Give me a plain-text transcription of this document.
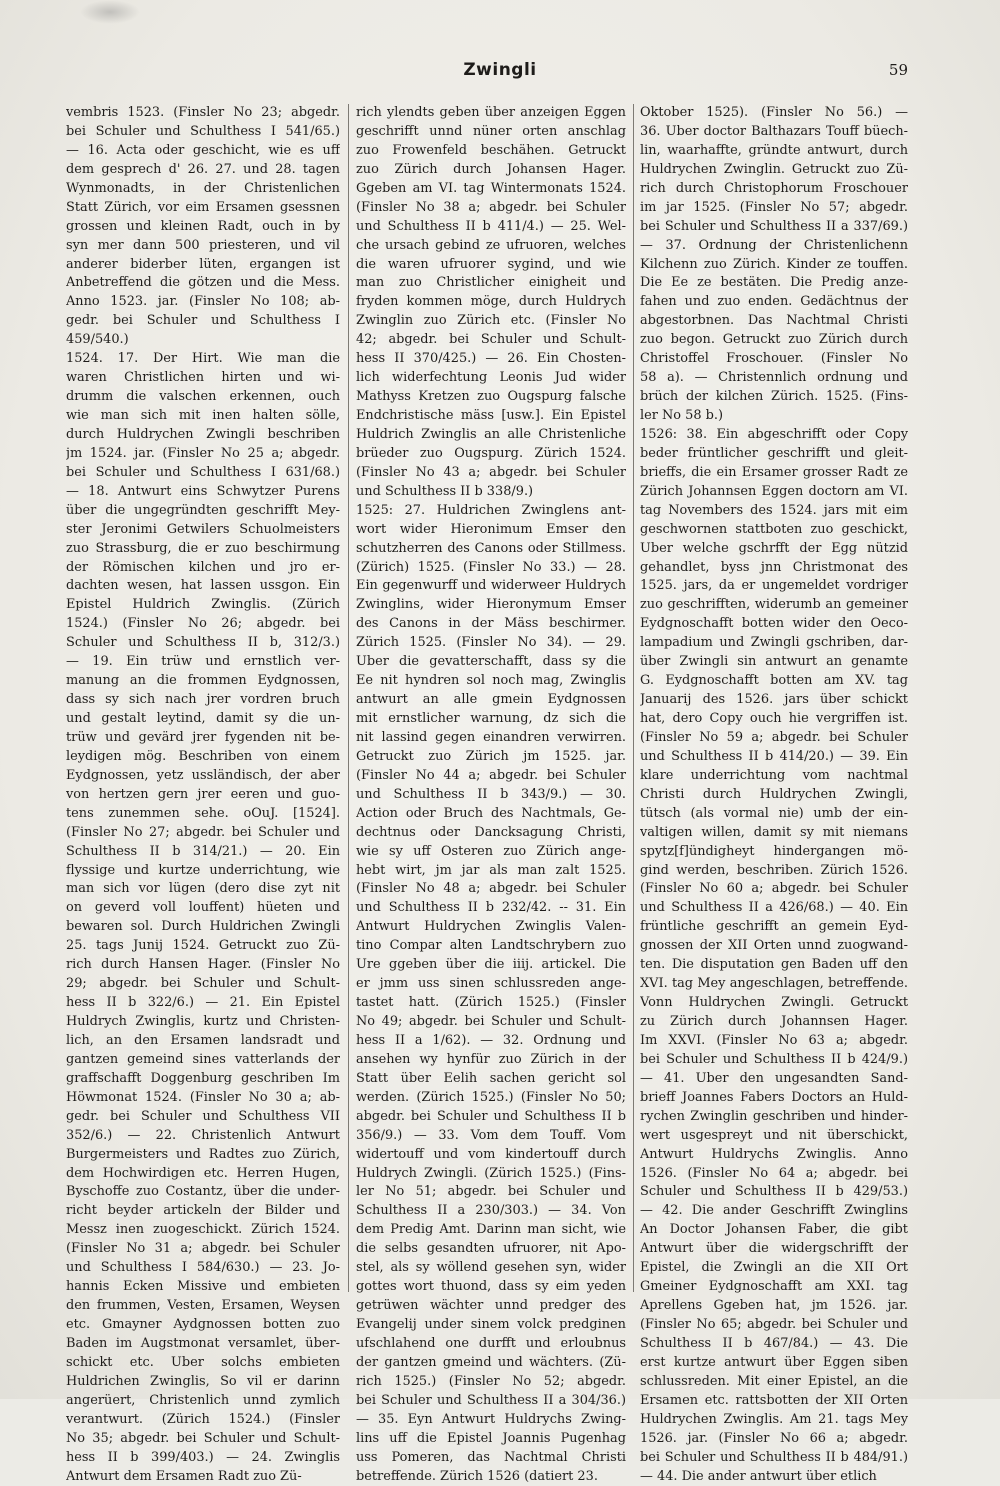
Zwingli	59
vembris 1523. (Finsler No 23; abgedr.
bei Schuler und Schulthess I 541/65.)
— 16. Acta oder geschicht, wie es uff
dem gesprech d' 26. 27. und 28. tagen
Wynmonadts, in der Christenlichen
Statt Zürich, vor eim Ersamen gsessnen
grossen und kleinen Radt, ouch in by
syn mer dann 500 priesteren, und vil
anderer biderber lüten, ergangen ist
Anbetreffend die götzen und die Mess.
Anno 1523. jar. (Finsler No 108; ab-
gedr. bei Schuler und Schulthess I
459/540.)
1524. 17. Der Hirt. Wie man die
waren Christlichen hirten und wi-
drumm die valschen erkennen, ouch
wie man sich mit inen halten sölle,
durch Huldrychen Zwingli beschriben
jm 1524. jar. (Finsler No 25 a; abgedr.
bei Schuler und Schulthess I 631/68.)
— 18. Antwurt eins Schwytzer Purens
über die ungegründten geschrifft Mey-
ster Jeronimi Getwilers Schuolmeisters
zuo Strassburg, die er zuo beschirmung
der Römischen kilchen und jro er-
dachten wesen, hat lassen ussgon. Ein
Epistel Huldrich Zwinglis. (Zürich
1524.) (Finsler No 26; abgedr. bei
Schuler und Schulthess II b, 312/3.)
— 19. Ein trüw und ernstlich ver-
manung an die frommen Eydgnossen,
dass sy sich nach jrer vordren bruch
und gestalt leytind, damit sy die un-
trüw und gevärd jrer fygenden nit be-
leydigen mög. Beschriben von einem
Eydgnossen, yetz ussländisch, der aber
von hertzen gern jrer eeren und guo-
tens zunemmen sehe. oOuJ. [1524].
(Finsler No 27; abgedr. bei Schuler und
Schulthess II b 314/21.) — 20. Ein
flyssige und kurtze underrichtung, wie
man sich vor lügen (dero dise zyt nit
on geverd voll louffent) hüeten und
bewaren sol. Durch Huldrichen Zwingli
25. tags Junij 1524. Getruckt zuo Zü-
rich durch Hansen Hager. (Finsler No
29; abgedr. bei Schuler und Schult-
hess II b 322/6.) — 21. Ein Epistel
Huldrych Zwinglis, kurtz und Christen-
lich, an den Ersamen landsradt und
gantzen gemeind sines vatterlands der
graffschafft Doggenburg geschriben Im
Höwmonat 1524. (Finsler No 30 a; ab-
gedr. bei Schuler und Schulthess VII
352/6.) — 22. Christenlich Antwurt
Burgermeisters und Radtes zuo Zürich,
dem Hochwirdigen etc. Herren Hugen,
Byschoffe zuo Costantz, über die under-
richt beyder artickeln der Bilder und
Messz inen zuogeschickt. Zürich 1524.
(Finsler No 31 a; abgedr. bei Schuler
und Schulthess I 584/630.) — 23. Jo-
hannis Ecken Missive und embieten
den frummen, Vesten, Ersamen, Weysen
etc. Gmayner Aydgnossen botten zuo
Baden im Augstmonat versamlet, über-
schickt etc. Uber solchs embieten
Huldrichen Zwinglis, So vil er darinn
angerüert, Christenlich unnd zymlich
verantwurt. (Zürich 1524.) (Finsler
No 35; abgedr. bei Schuler und Schult-
hess II b 399/403.) — 24. Zwinglis
Antwurt dem Ersamen Radt zuo Zü-
rich ylendts geben über anzeigen Eggen
geschrifft unnd nüner orten anschlag
zuo Frowenfeld beschähen. Getruckt
zuo Zürich durch Johansen Hager.
Ggeben am VI. tag Wintermonats 1524.
(Finsler No 38 a; abgedr. bei Schuler
und Schulthess II b 411/4.) — 25. Wel-
che ursach gebind ze ufruoren, welches
die waren ufruorer sygind, und wie
man zuo Christlicher einigheit und
fryden kommen möge, durch Huldrych
Zwinglin zuo Zürich etc. (Finsler No
42; abgedr. bei Schuler und Schult-
hess II 370/425.) — 26. Ein Chosten-
lich widerfechtung Leonis Jud wider
Mathyss Kretzen zuo Ougspurg falsche
Endchristische mäss [usw.]. Ein Epistel
Huldrich Zwinglis an alle Christenliche
brüeder zuo Ougspurg. Zürich 1524.
(Finsler No 43 a; abgedr. bei Schuler
und Schulthess II b 338/9.)
1525: 27. Huldrichen Zwinglens ant-
wort wider Hieronimum Emser den
schutzherren des Canons oder Stillmess.
(Zürich) 1525. (Finsler No 33.) — 28.
Ein gegenwurff und widerweer Huldrych
Zwinglins, wider Hieronymum Emser
des Canons in der Mäss beschirmer.
Zürich 1525. (Finsler No 34). — 29.
Uber die gevatterschafft, dass sy die
Ee nit hyndren sol noch mag, Zwinglis
antwurt an alle gmein Eydgnossen
mit ernstlicher warnung, dz sich die
nit lassind gegen einandren verwirren.
Getruckt zuo Zürich jm 1525. jar.
(Finsler No 44 a; abgedr. bei Schuler
und Schulthess II b 343/9.) — 30.
Action oder Bruch des Nachtmals, Ge-
dechtnus oder Dancksagung Christi,
wie sy uff Osteren zuo Zürich ange-
hebt wirt, jm jar als man zalt 1525.
(Finsler No 48 a; abgedr. bei Schuler
und Schulthess II b 232/42. -- 31. Ein
Antwurt Huldrychen Zwinglis Valen-
tino Compar alten Landtschrybern zuo
Ure ggeben über die iiij. artickel. Die
er jmm uss sinen schlussreden ange-
tastet hatt. (Zürich 1525.) (Finsler
No 49; abgedr. bei Schuler und Schult-
hess II a 1/62). — 32. Ordnung und
ansehen wy hynfür zuo Zürich in der
Statt über Eelih sachen gericht sol
werden. (Zürich 1525.) (Finsler No 50;
abgedr. bei Schuler und Schulthess II b
356/9.) — 33. Vom dem Touff. Vom
widertouff und vom kindertouff durch
Huldrych Zwingli. (Zürich 1525.) (Fins-
ler No 51; abgedr. bei Schuler und
Schulthess II a 230/303.) — 34. Von
dem Predig Amt. Darinn man sicht, wie
die selbs gesandten ufruorer, nit Apo-
stel, als sy wöllend gesehen syn, wider
gottes wort thuond, dass sy eim yeden
getrüwen wächter unnd predger des
Evangelij under sinem volck predginen
ufschlahend one durfft und erloubnus
der gantzen gmeind und wächters. (Zü-
rich 1525.) (Finsler No 52; abgedr.
bei Schuler und Schulthess II a 304/36.)
— 35. Eyn Antwurt Huldrychs Zwing-
lins uff die Epistel Joannis Pugenhag
uss Pomeren, das Nachtmal Christi
betreffende. Zürich 1526 (datiert 23.
Oktober 1525). (Finsler No 56.) —
36. Uber doctor Balthazars Touff büech-
lin, waarhaffte, gründte antwurt, durch
Huldrychen Zwinglin. Getruckt zuo Zü-
rich durch Christophorum Froschouer
im jar 1525. (Finsler No 57; abgedr.
bei Schuler und Schulthess II a 337/69.)
— 37. Ordnung der Christenlichenn
Kilchenn zuo Zürich. Kinder ze touffen.
Die Ee ze bestäten. Die Predig anze-
fahen und zuo enden. Gedächtnus der
abgestorbnen. Das Nachtmal Christi
zuo begon. Getruckt zuo Zürich durch
Christoffel Froschouer. (Finsler No
58 a). — Christennlich ordnung und
brüch der kilchen Zürich. 1525. (Fins-
ler No 58 b.)
1526: 38. Ein abgeschrifft oder Copy
beder früntlicher geschrifft und gleit-
brieffs, die ein Ersamer grosser Radt ze
Zürich Johannsen Eggen doctorn am VI.
tag Novembers des 1524. jars mit eim
geschwornen stattboten zuo geschickt,
Uber welche gschrfft der Egg nützid
gehandlet, byss jnn Christmonat des
1525. jars, da er ungemeldet vordriger
zuo geschrifften, widerumb an gemeiner
Eydgnoschafft botten wider den Oeco-
lampadium und Zwingli gschriben, dar-
über Zwingli sin antwurt an genamte
G. Eydgnoschafft botten am XV. tag
Januarij des 1526. jars über schickt
hat, dero Copy ouch hie vergriffen ist.
(Finsler No 59 a; abgedr. bei Schuler
und Schulthess II b 414/20.) — 39. Ein
klare underrichtung vom nachtmal
Christi durch Huldrychen Zwingli,
tütsch (als vormal nie) umb der ein-
valtigen willen, damit sy mit niemans
spytz[f]ündigheyt hindergangen mö-
gind werden, beschriben. Zürich 1526.
(Finsler No 60 a; abgedr. bei Schuler
und Schulthess II a 426/68.) — 40. Ein
früntliche geschrifft an gemein Eyd-
gnossen der XII Orten unnd zuogwand-
ten. Die disputation gen Baden uff den
XVI. tag Mey angeschlagen, betreffende.
Vonn Huldrychen Zwingli. Getruckt
zu Zürich durch Johannsen Hager.
Im XXVI. (Finsler No 63 a; abgedr.
bei Schuler und Schulthess II b 424/9.)
— 41. Uber den ungesandten Sand-
brieff Joannes Fabers Doctors an Huld-
rychen Zwinglin geschriben und hinder-
wert usgespreyt und nit überschickt,
Antwurt Huldrychs Zwinglis. Anno
1526. (Finsler No 64 a; abgedr. bei
Schuler und Schulthess II b 429/53.)
— 42. Die ander Geschrifft Zwinglins
An Doctor Johansen Faber, die gibt
Antwurt über die widergschrifft der
Epistel, die Zwingli an die XII Ort
Gmeiner Eydgnoschafft am XXI. tag
Aprellens Ggeben hat, jm 1526. jar.
(Finsler No 65; abgedr. bei Schuler und
Schulthess II b 467/84.) — 43. Die
erst kurtze antwurt über Eggen siben
schlussreden. Mit einer Epistel, an die
Ersamen etc. rattsbotten der XII Orten
Huldrychen Zwinglis. Am 21. tags Mey
1526. jar. (Finsler No 66 a; abgedr.
bei Schuler und Schulthess II b 484/91.)
— 44. Die ander antwurt über etlich
